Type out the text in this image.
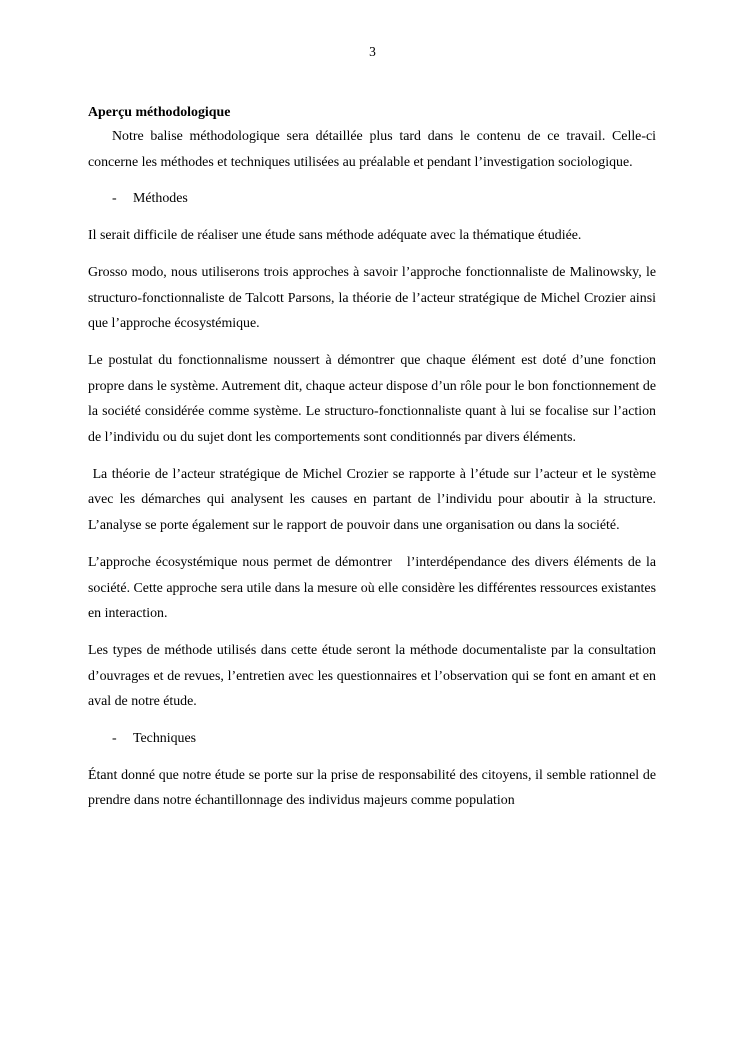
3

Aperçu méthodologique

Notre balise méthodologique sera détaillée plus tard dans le contenu de ce travail. Celle-ci concerne les méthodes et techniques utilisées au préalable et pendant l’investigation sociologique.

-	Méthodes

Il serait difficile de réaliser une étude sans méthode adéquate avec la thématique étudiée.

Grosso modo, nous utiliserons trois approches à savoir l’approche fonctionnaliste de Malinowsky, le structuro-fonctionnaliste de Talcott Parsons, la théorie de l’acteur stratégique de Michel Crozier ainsi que l’approche écosystémique.

Le postulat du fonctionnalisme noussert à démontrer que chaque élément est doté d’une fonction propre dans le système. Autrement dit, chaque acteur dispose d’un rôle pour le bon fonctionnement de la société considérée comme système. Le structuro-fonctionnaliste quant à lui se focalise sur l’action de l’individu ou du sujet dont les comportements sont conditionnés par divers éléments.

La théorie de l’acteur stratégique de Michel Crozier se rapporte à l’étude sur l’acteur et le système avec les démarches qui analysent les causes en partant de l’individu pour aboutir à la structure. L’analyse se porte également sur le rapport de pouvoir dans une organisation ou dans la société.

L’approche écosystémique nous permet de démontrer   l’interdépendance des divers éléments de la société. Cette approche sera utile dans la mesure où elle considère les différentes ressources existantes en interaction.

Les types de méthode utilisés dans cette étude seront la méthode documentaliste par la consultation d’ouvrages et de revues, l’entretien avec les questionnaires et l’observation qui se font en amant et en aval de notre étude.

-	Techniques

Étant donné que notre étude se porte sur la prise de responsabilité des citoyens, il semble rationnel de prendre dans notre échantillonnage des individus majeurs comme population
